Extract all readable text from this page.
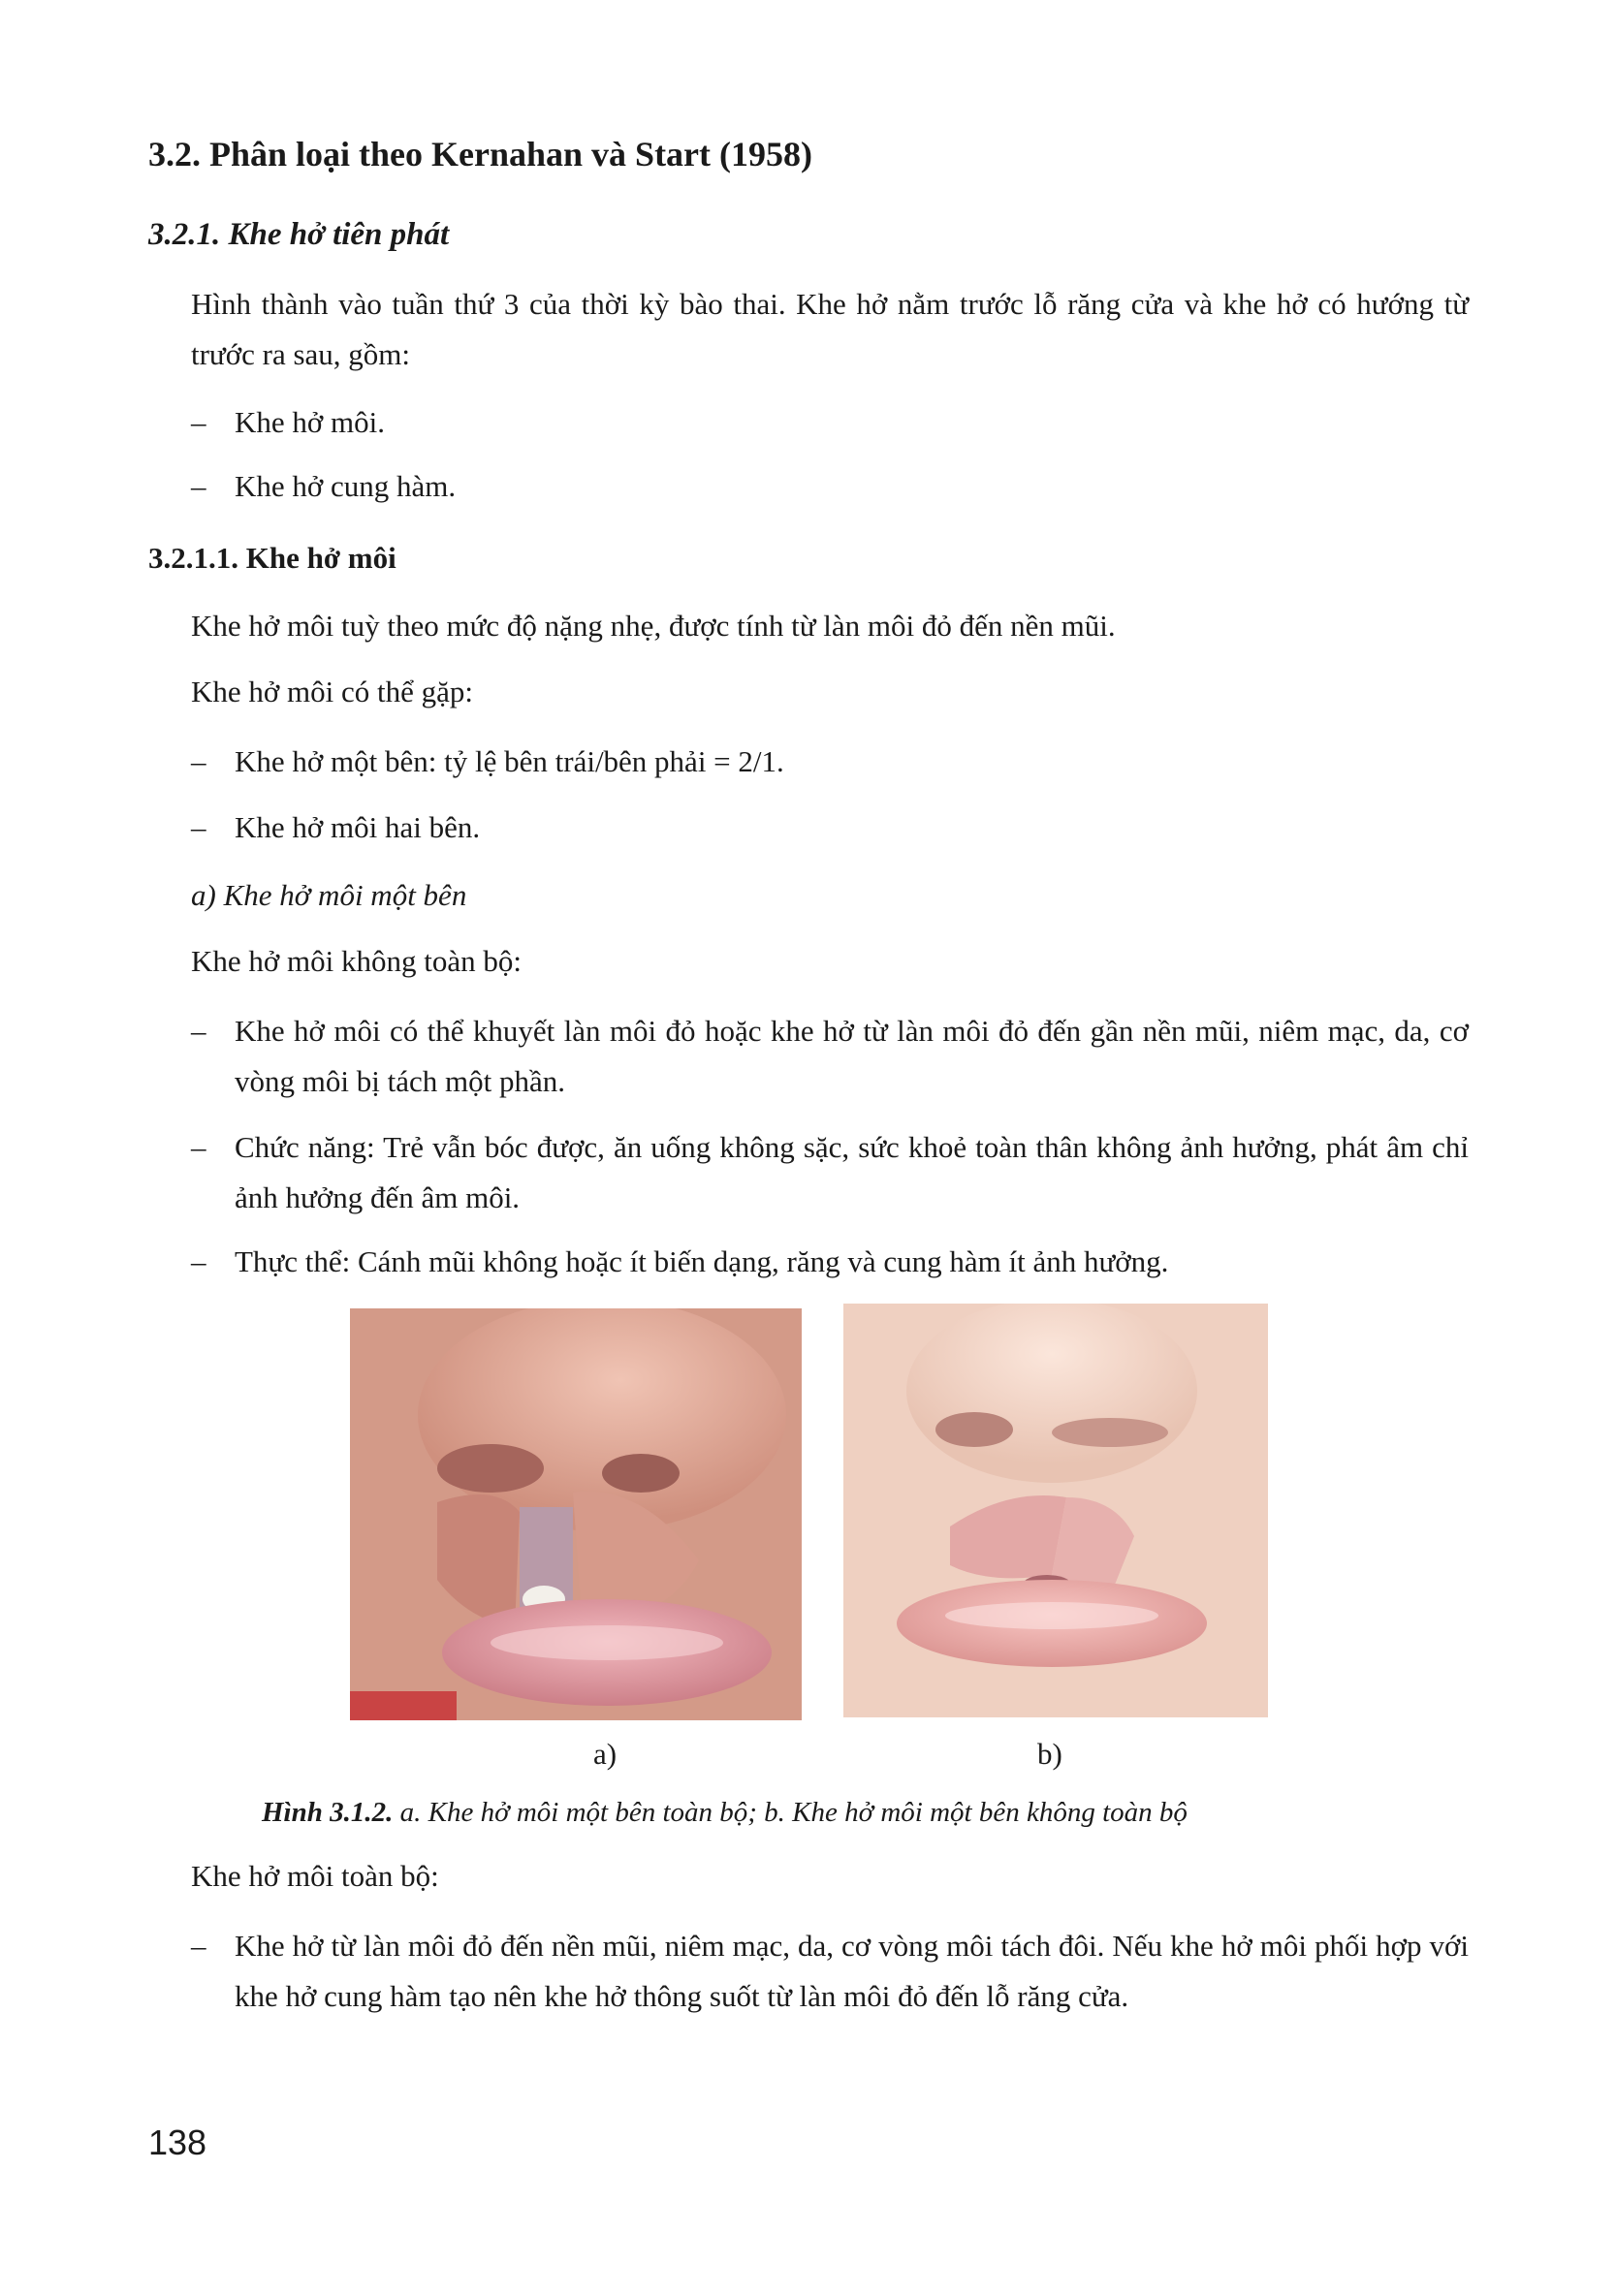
3.2. Phân loại theo Kernahan và Start (1958)
3.2.1. Khe hở tiên phát

Hình thành vào tuần thứ 3 của thời kỳ bào thai. Khe hở nằm trước lỗ răng cửa và khe hở có hướng từ trước ra sau, gồm:

– Khe hở môi.
– Khe hở cung hàm.
3.2.1.1. Khe hở môi

Khe hở môi tuỳ theo mức độ nặng nhẹ, được tính từ làn môi đỏ đến nền mũi.

Khe hở môi có thể gặp:

– Khe hở một bên: tỷ lệ bên trái/bên phải = 2/1.
– Khe hở môi hai bên.

a) Khe hở môi một bên

Khe hở môi không toàn bộ:

– Khe hở môi có thể khuyết làn môi đỏ hoặc khe hở từ làn môi đỏ đến gần nền mũi, niêm mạc, da, cơ vòng môi bị tách một phần.
– Chức năng: Trẻ vẫn bóc được, ăn uống không sặc, sức khoẻ toàn thân không ảnh hưởng, phát âm chỉ ảnh hưởng đến âm môi.
– Thực thể: Cánh mũi không hoặc ít biến dạng, răng và cung hàm ít ảnh hưởng.
a)	b)

Hình 3.1.2. a. Khe hở môi một bên toàn bộ; b. Khe hở môi một bên không toàn bộ

Khe hở môi toàn bộ:

– Khe hở từ làn môi đỏ đến nền mũi, niêm mạc, da, cơ vòng môi tách đôi. Nếu khe hở môi phối hợp với khe hở cung hàm tạo nên khe hở thông suốt từ làn môi đỏ đến lỗ răng cửa.
138
